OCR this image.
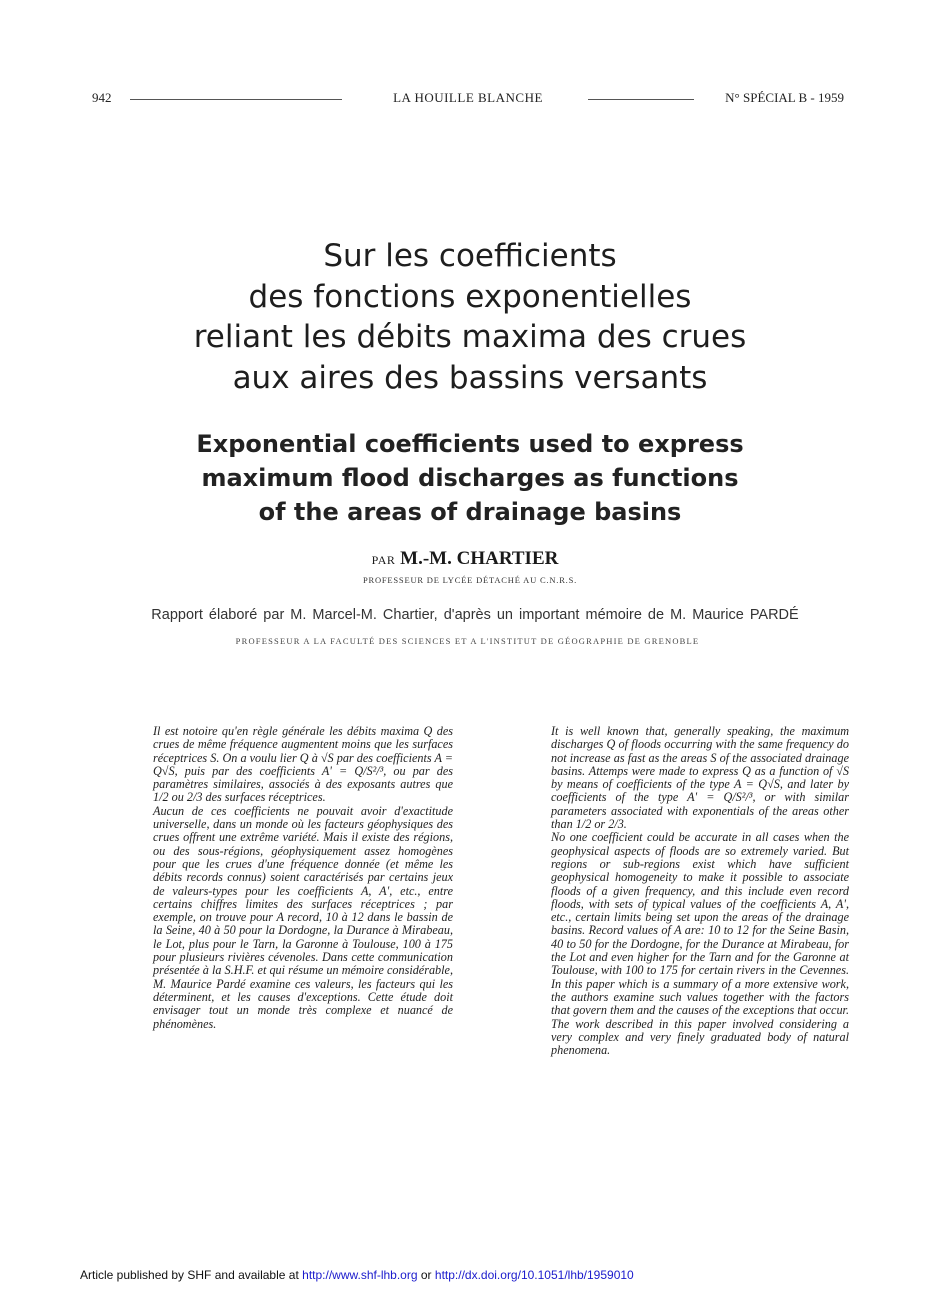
942	LA HOUILLE BLANCHE	N° SPÉCIAL B - 1959
Sur les coefficients
des fonctions exponentielles
reliant les débits maxima des crues
aux aires des bassins versants
Exponential coefficients used to express
maximum flood discharges as functions
of the areas of drainage basins
PAR M.-M. CHARTIER
PROFESSEUR DE LYCÉE DÉTACHÉ AU C.N.R.S.
Rapport élaboré par M. Marcel-M. Chartier, d'après un important mémoire de M. Maurice PARDÉ
PROFESSEUR A LA FACULTÉ DES SCIENCES ET A L'INSTITUT DE GÉOGRAPHIE DE GRENOBLE

Il est notoire qu'en règle générale les débits maxima Q des crues de même fréquence augmentent moins que les surfaces réceptrices S. On a voulu lier Q à √S par des coefficients A = Q√S, puis par des coefficients A' = Q/S²/³, ou par des paramètres similaires, associés à des exposants autres que 1/2 ou 2/3 des surfaces réceptrices.

Aucun de ces coefficients ne pouvait avoir d'exactitude universelle, dans un monde où les facteurs géophysiques des crues offrent une extrême variété. Mais il existe des régions, ou des sous-régions, géophysiquement assez homogènes pour que les crues d'une fréquence donnée (et même les débits records connus) soient caractérisés par certains jeux de valeurs-types pour les coefficients A, A', etc., entre certains chiffres limites des surfaces réceptrices ; par exemple, on trouve pour A record, 10 à 12 dans le bassin de la Seine, 40 à 50 pour la Dordogne, la Durance à Mirabeau, le Lot, plus pour le Tarn, la Garonne à Toulouse, 100 à 175 pour plusieurs rivières cévenoles. Dans cette communication présentée à la S.H.F. et qui résume un mémoire considérable, M. Maurice Pardé examine ces valeurs, les facteurs qui les déterminent, et les causes d'exceptions. Cette étude doit envisager tout un monde très complexe et nuancé de phénomènes.

It is well known that, generally speaking, the maximum discharges Q of floods occurring with the same frequency do not increase as fast as the areas S of the associated drainage basins. Attemps were made to express Q as a function of √S by means of coefficients of the type A = Q√S, and later by coefficients of the type A' = Q/S²/³, or with similar parameters associated with exponentials of the areas other than 1/2 or 2/3.

No one coefficient could be accurate in all cases when the geophysical aspects of floods are so extremely varied. But regions or sub-regions exist which have sufficient geophysical homogeneity to make it possible to associate floods of a given frequency, and this include even record floods, with sets of typical values of the coefficients A, A', etc., certain limits being set upon the areas of the drainage basins. Record values of A are: 10 to 12 for the Seine Basin, 40 to 50 for the Dordogne, for the Durance at Mirabeau, for the Lot and even higher for the Tarn and for the Garonne at Toulouse, with 100 to 175 for certain rivers in the Cevennes. In this paper which is a summary of a more extensive work, the authors examine such values together with the factors that govern them and the causes of the exceptions that occur. The work described in this paper involved considering a very complex and very finely graduated body of natural phenomena.

Article published by SHF and available at http://www.shf-lhb.org or http://dx.doi.org/10.1051/lhb/1959010
